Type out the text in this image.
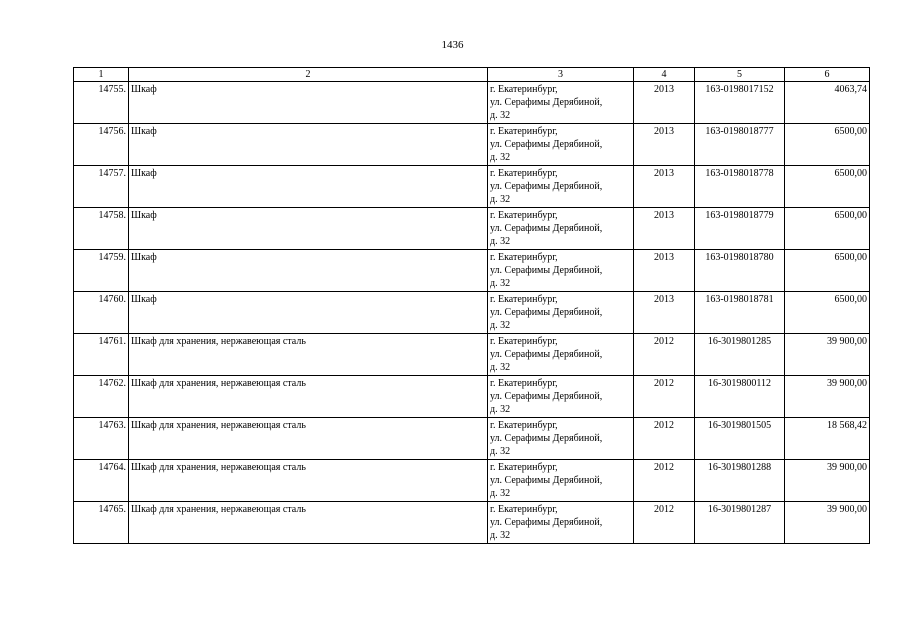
1436
1	2	3	4	5	6
14755.	Шкаф	г. Екатеринбург,
ул. Серафимы Дерябиной,
д. 32	2013	163-0198017152	4063,74
14756.	Шкаф	г. Екатеринбург,
ул. Серафимы Дерябиной,
д. 32	2013	163-0198018777	6500,00
14757.	Шкаф	г. Екатеринбург,
ул. Серафимы Дерябиной,
д. 32	2013	163-0198018778	6500,00
14758.	Шкаф	г. Екатеринбург,
ул. Серафимы Дерябиной,
д. 32	2013	163-0198018779	6500,00
14759.	Шкаф	г. Екатеринбург,
ул. Серафимы Дерябиной,
д. 32	2013	163-0198018780	6500,00
14760.	Шкаф	г. Екатеринбург,
ул. Серафимы Дерябиной,
д. 32	2013	163-0198018781	6500,00
14761.	Шкаф для хранения, нержавеющая сталь	г. Екатеринбург,
ул. Серафимы Дерябиной,
д. 32	2012	16-3019801285	39 900,00
14762.	Шкаф для хранения, нержавеющая сталь	г. Екатеринбург,
ул. Серафимы Дерябиной,
д. 32	2012	16-3019800112	39 900,00
14763.	Шкаф для хранения, нержавеющая сталь	г. Екатеринбург,
ул. Серафимы Дерябиной,
д. 32	2012	16-3019801505	18 568,42
14764.	Шкаф для хранения, нержавеющая сталь	г. Екатеринбург,
ул. Серафимы Дерябиной,
д. 32	2012	16-3019801288	39 900,00
14765.	Шкаф для хранения, нержавеющая сталь	г. Екатеринбург,
ул. Серафимы Дерябиной,
д. 32	2012	16-3019801287	39 900,00
